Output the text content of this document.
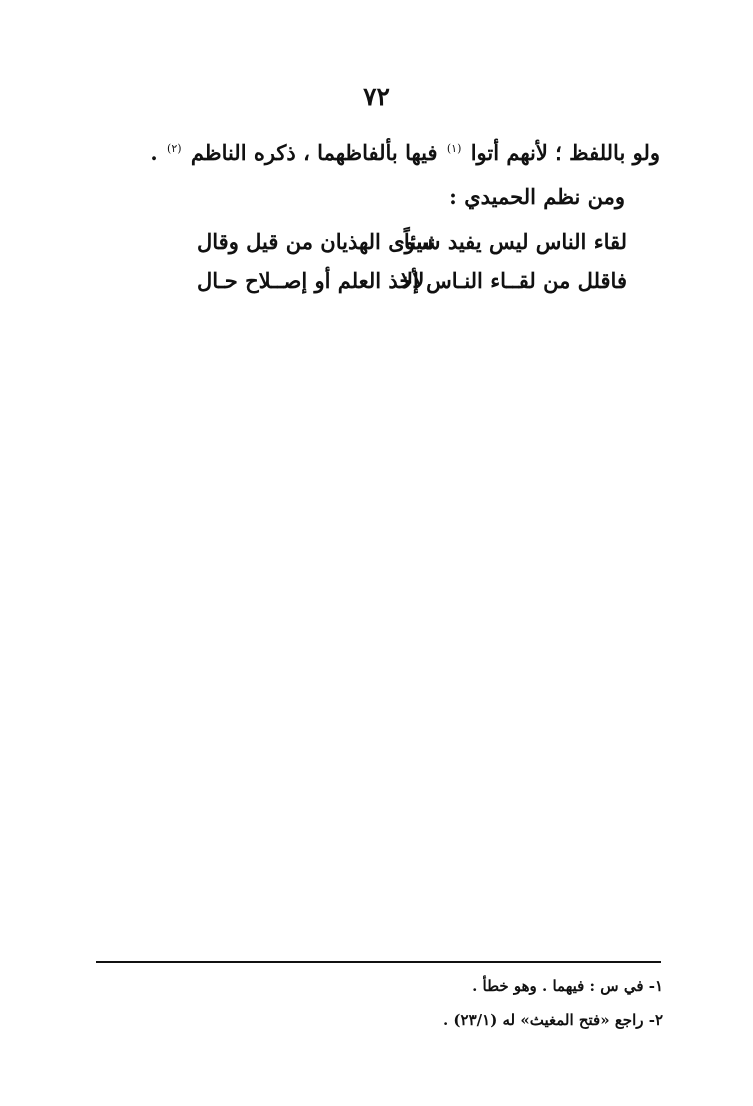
٧٢
ولو باللفظ ؛ لأنهم أتوا $^{(١)}$ فيها بألفاظهما ، ذكره الناظم $^{(٢)}$ .
ومن نظم الحميدي :
لقاء الناس ليس يفيد شيئاً
سوى الهذيان من قيل وقال
فاقلل من لقــاء النـاس إلا
لأخذ العلم أو إصــلاح حـال
١- في س : فيهما . وهو خطأ .
٢- راجع «فتح المغيث» له (٢٣/١) .
